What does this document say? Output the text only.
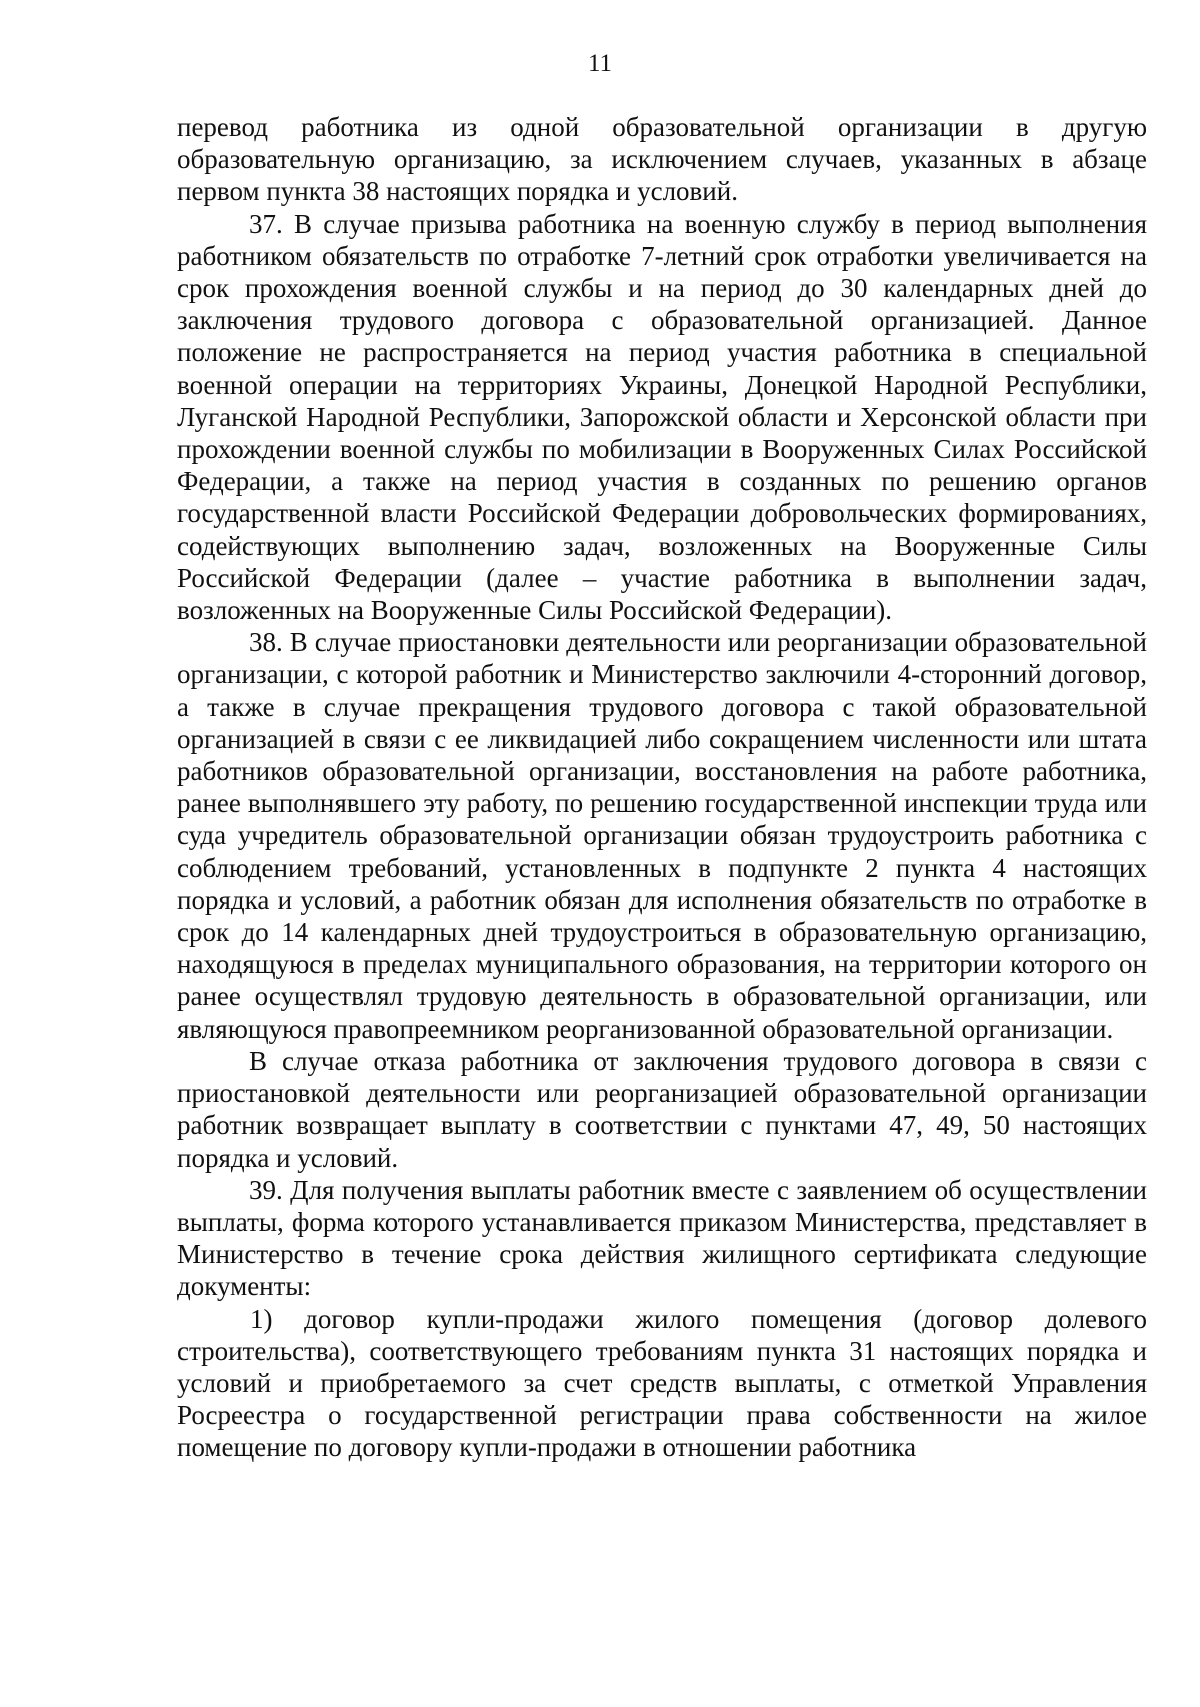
11

перевод работника из одной образовательной организации в другую образовательную организацию, за исключением случаев, указанных в абзаце первом пункта 38 настоящих порядка и условий.

37. В случае призыва работника на военную службу в период выполнения работником обязательств по отработке 7-летний срок отработки увеличивается на срок прохождения военной службы и на период до 30 календарных дней до заключения трудового договора с образовательной организацией. Данное положение не распространяется на период участия работника в специальной военной операции на территориях Украины, Донецкой Народной Республики, Луганской Народной Республики, Запорожской области и Херсонской области при прохождении военной службы по мобилизации в Вооруженных Силах Российской Федерации, а также на период участия в созданных по решению органов государственной власти Российской Федерации добровольческих формированиях, содействующих выполнению задач, возложенных на Вооруженные Силы Российской Федерации (далее – участие работника в выполнении задач, возложенных на Вооруженные Силы Российской Федерации).

38. В случае приостановки деятельности или реорганизации образовательной организации, с которой работник и Министерство заключили 4-сторонний договор, а также в случае прекращения трудового договора с такой образовательной организацией в связи с ее ликвидацией либо сокращением численности или штата работников образовательной организации, восстановления на работе работника, ранее выполнявшего эту работу, по решению государственной инспекции труда или суда учредитель образовательной организации обязан трудоустроить работника с соблюдением требований, установленных в подпункте 2 пункта 4 настоящих порядка и условий, а работник обязан для исполнения обязательств по отработке в срок до 14 календарных дней трудоустроиться в образовательную организацию, находящуюся в пределах муниципального образования, на территории которого он ранее осуществлял трудовую деятельность в образовательной организации, или являющуюся правопреемником реорганизованной образовательной организации.

В случае отказа работника от заключения трудового договора в связи с приостановкой деятельности или реорганизацией образовательной организации работник возвращает выплату в соответствии с пунктами 47, 49, 50 настоящих порядка и условий.

39. Для получения выплаты работник вместе с заявлением об осуществлении выплаты, форма которого устанавливается приказом Министерства, представляет в Министерство в течение срока действия жилищного сертификата следующие документы:

1) договор купли-продажи жилого помещения (договор долевого строительства), соответствующего требованиям пункта 31 настоящих порядка и условий и приобретаемого за счет средств выплаты, с отметкой Управления Росреестра о государственной регистрации права собственности на жилое помещение по договору купли-продажи в отношении работника
